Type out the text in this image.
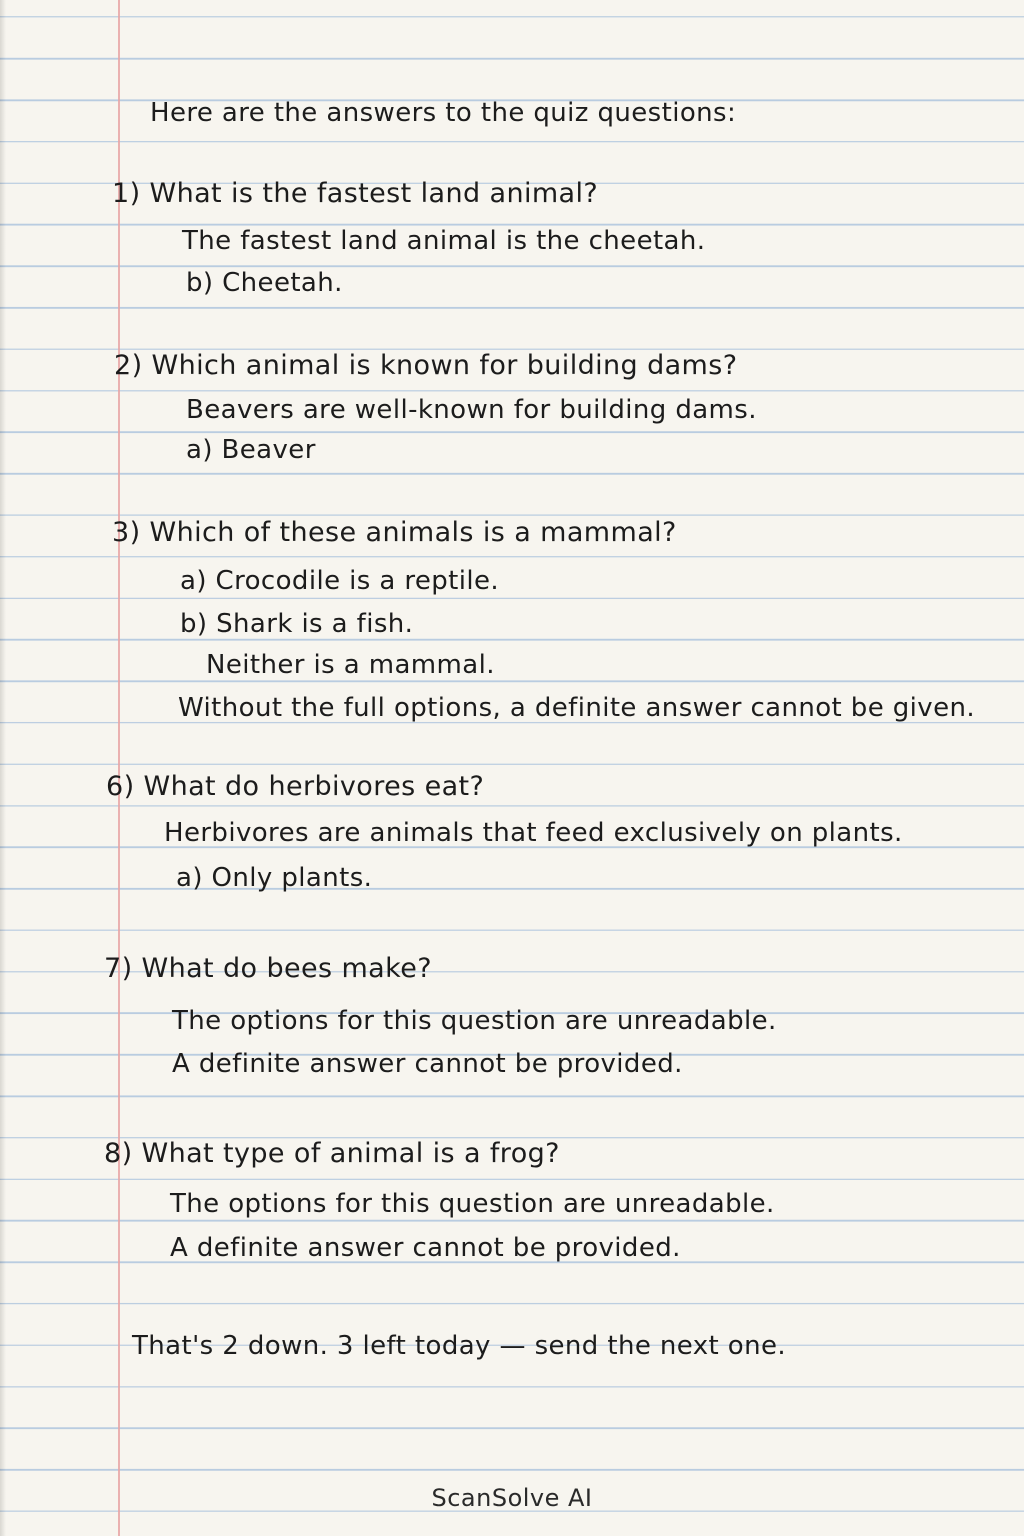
Here are the answers to the quiz questions:
1) What is the fastest land animal?
The fastest land animal is the cheetah.
b) Cheetah.
2) Which animal is known for building dams?
Beavers are well-known for building dams.
a) Beaver
3) Which of these animals is a mammal?
a) Crocodile is a reptile.
b) Shark is a fish.
Neither is a mammal.
Without the full options, a definite answer cannot be given.
6) What do herbivores eat?
Herbivores are animals that feed exclusively on plants.
a) Only plants.
7) What do bees make?
The options for this question are unreadable.
A definite answer cannot be provided.
8) What type of animal is a frog?
The options for this question are unreadable.
A definite answer cannot be provided.
That's 2 down. 3 left today — send the next one.
ScanSolve AI
